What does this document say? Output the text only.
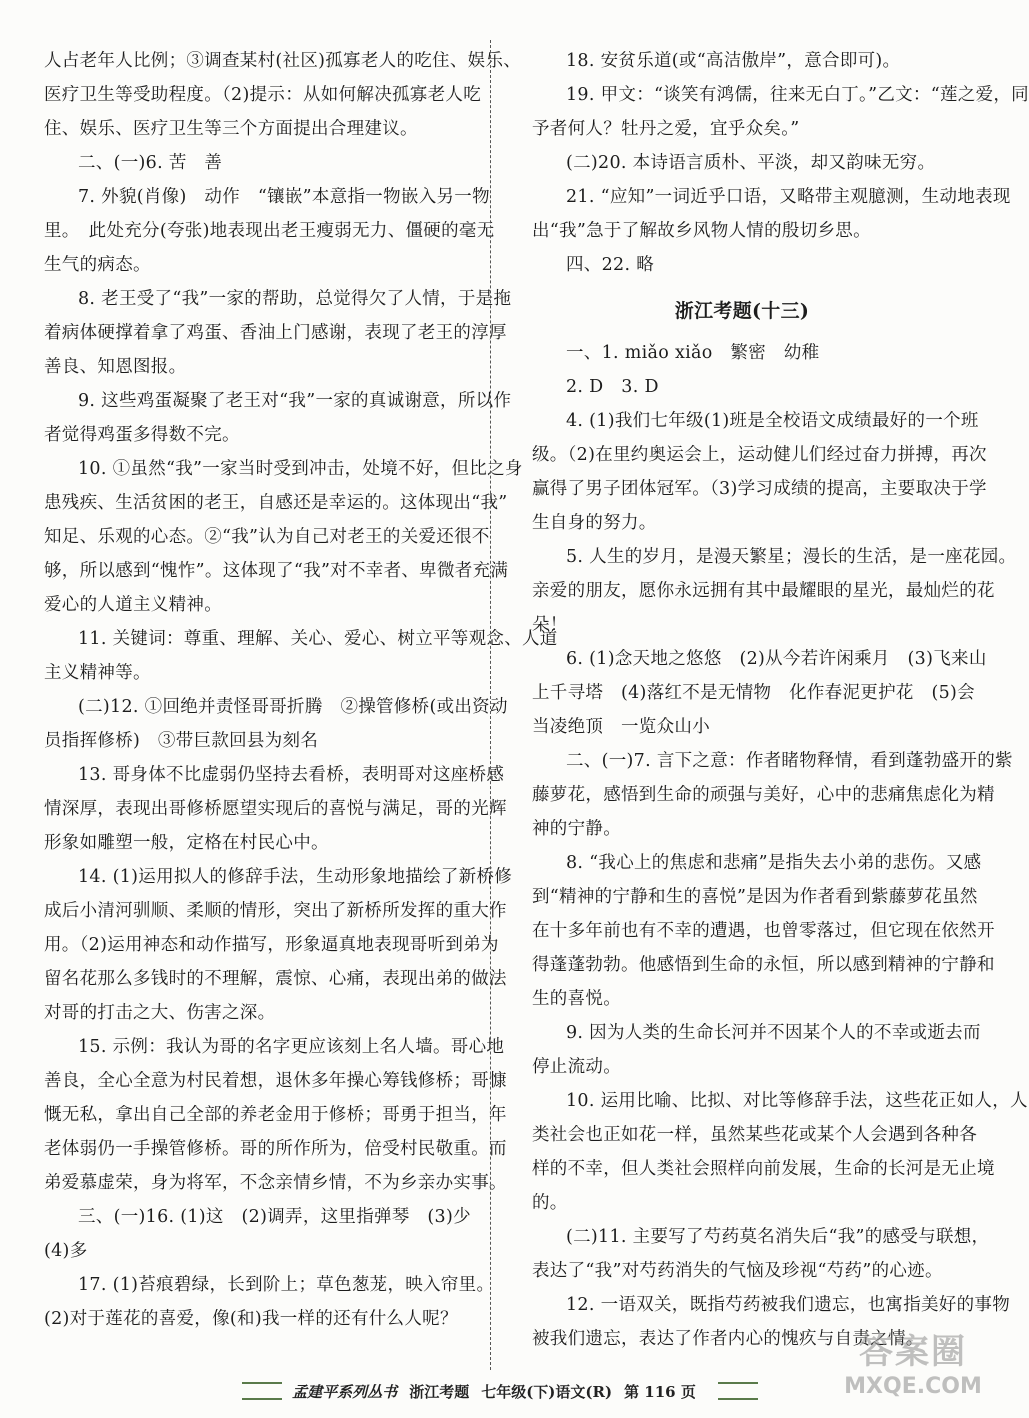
人占老年人比例；③调查某村(社区)孤寡老人的吃住、娱乐、
医疗卫生等受助程度。（2)提示：从如何解决孤寡老人吃
住、娱乐、医疗卫生等三个方面提出合理建议。
二、(一)6. 苦　善
7. 外貌(肖像)　动作　“镶嵌”本意指一物嵌入另一物
里。　此处充分(夸张)地表现出老王瘦弱无力、僵硬的毫无
生气的病态。
8. 老王受了“我”一家的帮助，总觉得欠了人情，于是拖
着病体硬撑着拿了鸡蛋、香油上门感谢，表现了老王的淳厚
善良、知恩图报。
9. 这些鸡蛋凝聚了老王对“我”一家的真诚谢意，所以作
者觉得鸡蛋多得数不完。
10. ①虽然“我”一家当时受到冲击，处境不好，但比之身
患残疾、生活贫困的老王，自感还是幸运的。这体现出“我”
知足、乐观的心态。②“我”认为自己对老王的关爱还很不
够，所以感到“愧怍”。这体现了“我”对不幸者、卑微者充满
爱心的人道主义精神。
11. 关键词：尊重、理解、关心、爱心、树立平等观念、人道
主义精神等。
(二)12. ①回绝并责怪哥哥折腾　②操管修桥(或出资动
员指挥修桥)　③带巨款回县为刻名
13. 哥身体不比虚弱仍坚持去看桥，表明哥对这座桥感
情深厚，表现出哥修桥愿望实现后的喜悦与满足，哥的光辉
形象如雕塑一般，定格在村民心中。
14. (1)运用拟人的修辞手法，生动形象地描绘了新桥修
成后小清河驯顺、柔顺的情形，突出了新桥所发挥的重大作
用。（2)运用神态和动作描写，形象逼真地表现哥听到弟为
留名花那么多钱时的不理解，震惊、心痛，表现出弟的做法
对哥的打击之大、伤害之深。
15. 示例：我认为哥的名字更应该刻上名人墙。哥心地
善良，全心全意为村民着想，退休多年操心筹钱修桥；哥慷
慨无私，拿出自己全部的养老金用于修桥；哥勇于担当，年
老体弱仍一手操管修桥。哥的所作所为，倍受村民敬重。而
弟爱慕虚荣，身为将军，不念亲情乡情，不为乡亲办实事。
三、(一)16. (1)这　(2)调弄，这里指弹琴　(3)少
(4)多
17. (1)苔痕碧绿，长到阶上；草色葱茏，映入帘里。
(2)对于莲花的喜爱，像(和)我一样的还有什么人呢？
18. 安贫乐道(或“高洁傲岸”，意合即可)。
19. 甲文：“谈笑有鸿儒，往来无白丁。”乙文：“莲之爱，同
予者何人？牡丹之爱，宜乎众矣。”
(二)20. 本诗语言质朴、平淡，却又韵味无穷。
21. “应知”一词近乎口语，又略带主观臆测，生动地表现
出“我”急于了解故乡风物人情的殷切乡思。
四、22. 略
浙江考题(十三)
一、1. miǎo xiǎo　繁密　幼稚
2. D　3. D
4. (1)我们七年级(1)班是全校语文成绩最好的一个班
级。（2)在里约奥运会上，运动健儿们经过奋力拼搏，再次
赢得了男子团体冠军。（3)学习成绩的提高，主要取决于学
生自身的努力。
5. 人生的岁月，是漫天繁星；漫长的生活，是一座花园。
亲爱的朋友，愿你永远拥有其中最耀眼的星光，最灿烂的花
朵！
6. (1)念天地之悠悠　(2)从今若许闲乘月　(3)飞来山
上千寻塔　(4)落红不是无情物　化作春泥更护花　(5)会
当凌绝顶　一览众山小
二、(一)7. 言下之意：作者睹物释情，看到蓬勃盛开的紫
藤萝花，感悟到生命的顽强与美好，心中的悲痛焦虑化为精
神的宁静。
8. “我心上的焦虑和悲痛”是指失去小弟的悲伤。又感
到“精神的宁静和生的喜悦”是因为作者看到紫藤萝花虽然
在十多年前也有不幸的遭遇，也曾零落过，但它现在依然开
得蓬蓬勃勃。他感悟到生命的永恒，所以感到精神的宁静和
生的喜悦。
9. 因为人类的生命长河并不因某个人的不幸或逝去而
停止流动。
10. 运用比喻、比拟、对比等修辞手法，这些花正如人，人
类社会也正如花一样，虽然某些花或某个人会遇到各种各
样的不幸，但人类社会照样向前发展，生命的长河是无止境
的。
(二)11. 主要写了芍药莫名消失后“我”的感受与联想，
表达了“我”对芍药消失的气恼及珍视“芍药”的心迹。
12. 一语双关，既指芍药被我们遗忘，也寓指美好的事物
被我们遗忘，表达了作者内心的愧疚与自责之情。
孟建平系列丛书 浙江考题 七年级(下)语文(R) 第 116 页
答案圈
MXQE.COM
